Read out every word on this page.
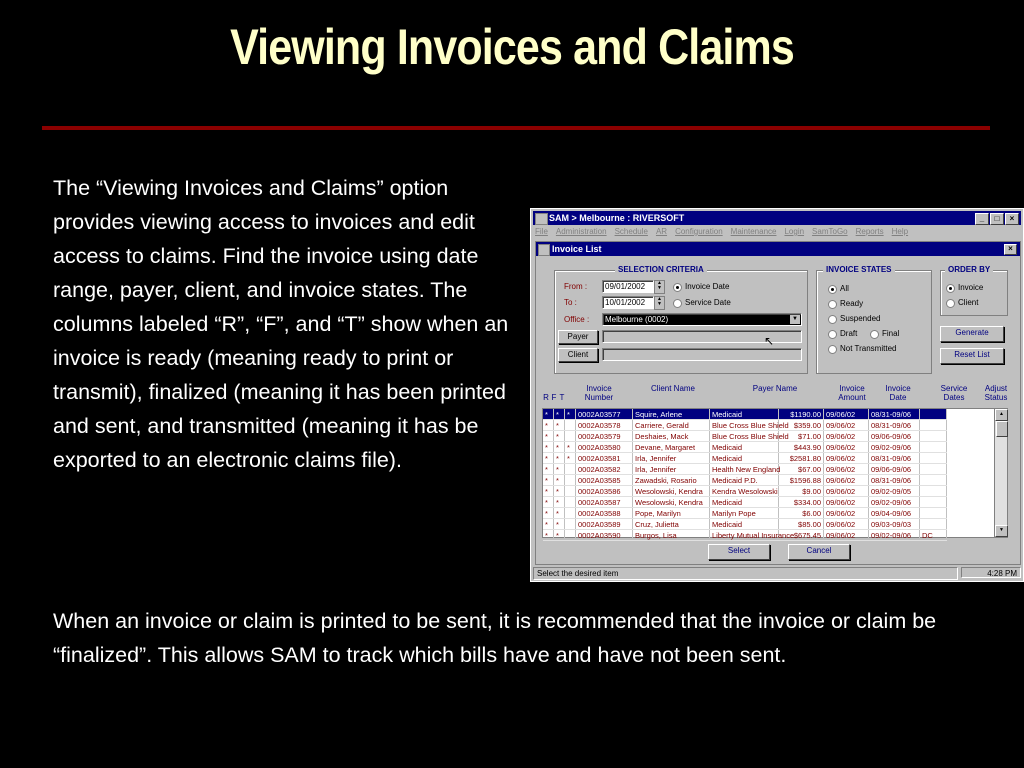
Viewing Invoices and Claims
The “Viewing Invoices and Claims” option provides viewing access to invoices and edit access to claims. Find the invoice using date range, payer, client, and invoice states. The columns labeled “R”, “F”, and “T” show when an invoice is ready (meaning ready to print or transmit), finalized (meaning it has been printed and sent, and transmitted (meaning it has be exported to an electronic claims file).
When an invoice or claim is printed to be sent, it is recommended that the invoice or claim be “finalized”. This allows SAM to track which bills have and have not been sent.
SAM > Melbourne : RIVERSOFT	_	□	×
File Administration Schedule AR Configuration Maintenance Login SamToGo Reports Help
Invoice List	×
SELECTION CRITERIA
From :	09/01/2002	▲
▼
To :	10/01/2002	▲
▼
Invoice Date
Service Date
Office :	Melbourne (0002)	▼
Payer
Client
↖
INVOICE STATES
All
Ready
Suspended
Draft	Final
Not Transmitted
ORDER BY
Invoice
Client
Generate
Reset List
R F T
Invoice Number
Client Name	Payer Name	Invoice Amount
Invoice Date
Service Dates
Adjust Status
*	*	*	0002A03577	Squire, Arlene	Medicaid	$1190.00	09/06/02	08/31-09/06	
*	*		0002A03578	Carriere, Gerald	Blue Cross Blue Shield	$359.00	09/06/02	08/31-09/06	
*	*		0002A03579	Deshaies, Mack	Blue Cross Blue Shield	$71.00	09/06/02	09/06-09/06	
*	*	*	0002A03580	Devane, Margaret	Medicaid	$443.90	09/06/02	09/02-09/06	
*	*	*	0002A03581	Irla, Jennifer	Medicaid	$2581.80	09/06/02	08/31-09/06	
*	*		0002A03582	Irla, Jennifer	Health New England	$67.00	09/06/02	09/06-09/06	
*	*		0002A03585	Zawadski, Rosario	Medicaid P.D.	$1596.88	09/06/02	08/31-09/06	
*	*		0002A03586	Wesolowski, Kendra	Kendra Wesolowski	$9.00	09/06/02	09/02-09/05	
*	*		0002A03587	Wesolowski, Kendra	Medicaid	$334.00	09/06/02	09/02-09/06	
*	*		0002A03588	Pope, Marilyn	Marilyn Pope	$6.00	09/06/02	09/04-09/06	
*	*		0002A03589	Cruz, Julietta	Medicaid	$85.00	09/06/02	09/03-09/03	
*	*		0002A03590	Burgos, Lisa	Liberty Mutual Insurance	$675.45	09/06/02	09/02-09/06	DC
▲
▼
Select	Cancel
Select the desired item	4:28 PM
